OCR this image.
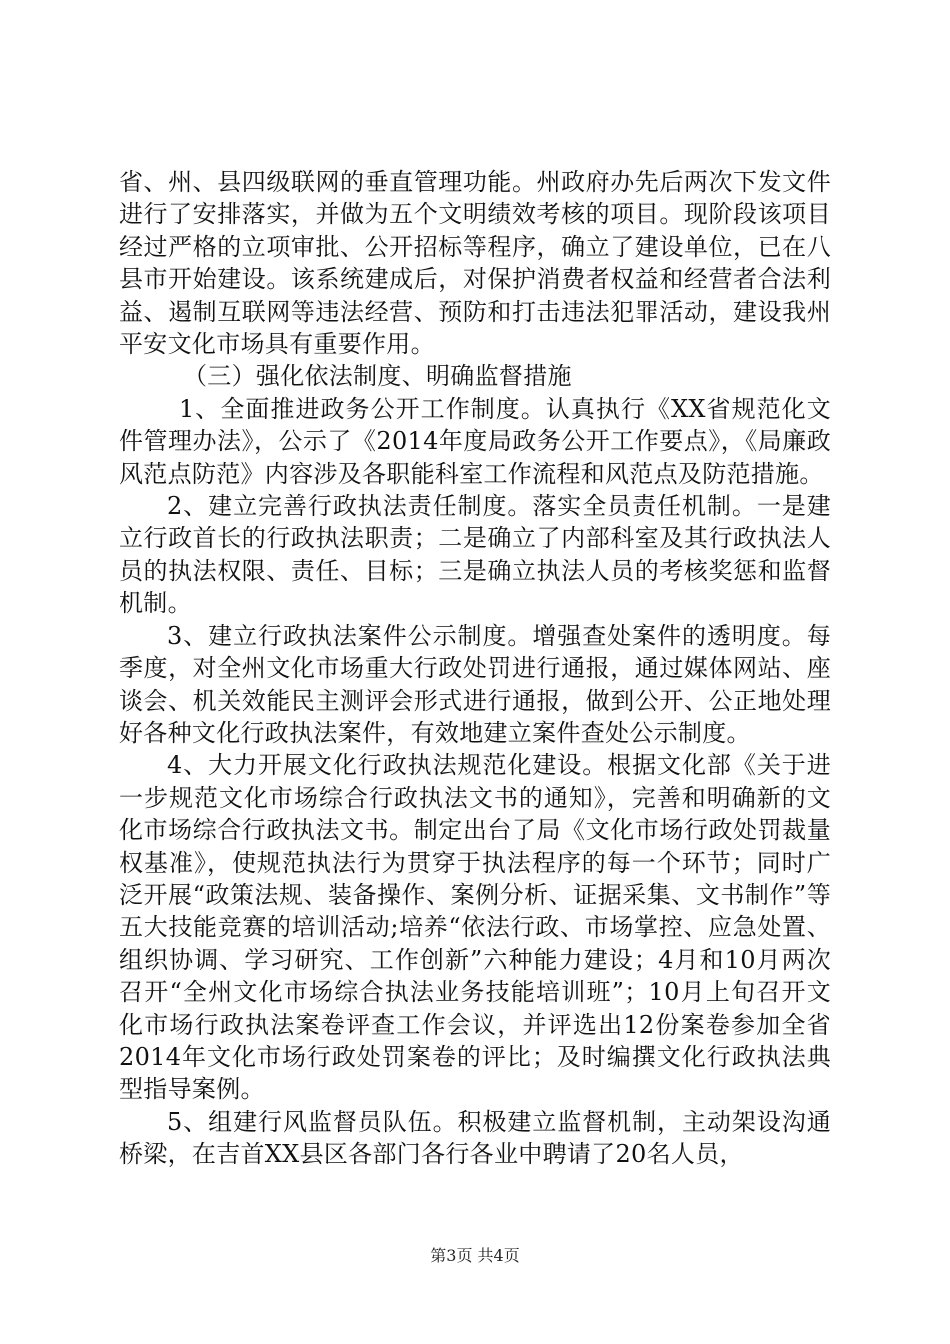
省、州、县四级联网的垂直管理功能。州政府办先后两次下发文件进行了安排落实，并做为五个文明绩效考核的项目。现阶段该项目经过严格的立项审批、公开招标等程序，确立了建设单位，已在八县市开始建设。该系统建成后，对保护消费者权益和经营者合法利益、遏制互联网等违法经营、预防和打击违法犯罪活动，建设我州平安文化市场具有重要作用。

（三）强化依法制度、明确监督措施

1、全面推进政务公开工作制度。认真执行《XX省规范化文件管理办法》，公示了《2014年度局政务公开工作要点》，《局廉政风范点防范》内容涉及各职能科室工作流程和风范点及防范措施。

2、建立完善行政执法责任制度。落实全员责任机制。一是建立行政首长的行政执法职责；二是确立了内部科室及其行政执法人员的执法权限、责任、目标；三是确立执法人员的考核奖惩和监督机制。

3、建立行政执法案件公示制度。增强查处案件的透明度。每季度，对全州文化市场重大行政处罚进行通报，通过媒体网站、座谈会、机关效能民主测评会形式进行通报，做到公开、公正地处理好各种文化行政执法案件，有效地建立案件查处公示制度。

4、大力开展文化行政执法规范化建设。根据文化部《关于进一步规范文化市场综合行政执法文书的通知》，完善和明确新的文化市场综合行政执法文书。制定出台了局《文化市场行政处罚裁量权基准》，使规范执法行为贯穿于执法程序的每一个环节；同时广泛开展“政策法规、装备操作、案例分析、证据采集、文书制作”等五大技能竞赛的培训活动;培养“依法行政、市场掌控、应急处置、组织协调、学习研究、工作创新”六种能力建设；4月和10月两次召开“全州文化市场综合执法业务技能培训班”；10月上旬召开文化市场行政执法案卷评查工作会议，并评选出12份案卷参加全省2014年文化市场行政处罚案卷的评比；及时编撰文化行政执法典型指导案例。

5、组建行风监督员队伍。积极建立监督机制，主动架设沟通桥梁，在吉首XX县区各部门各行各业中聘请了20名人员，

第3页 共4页
